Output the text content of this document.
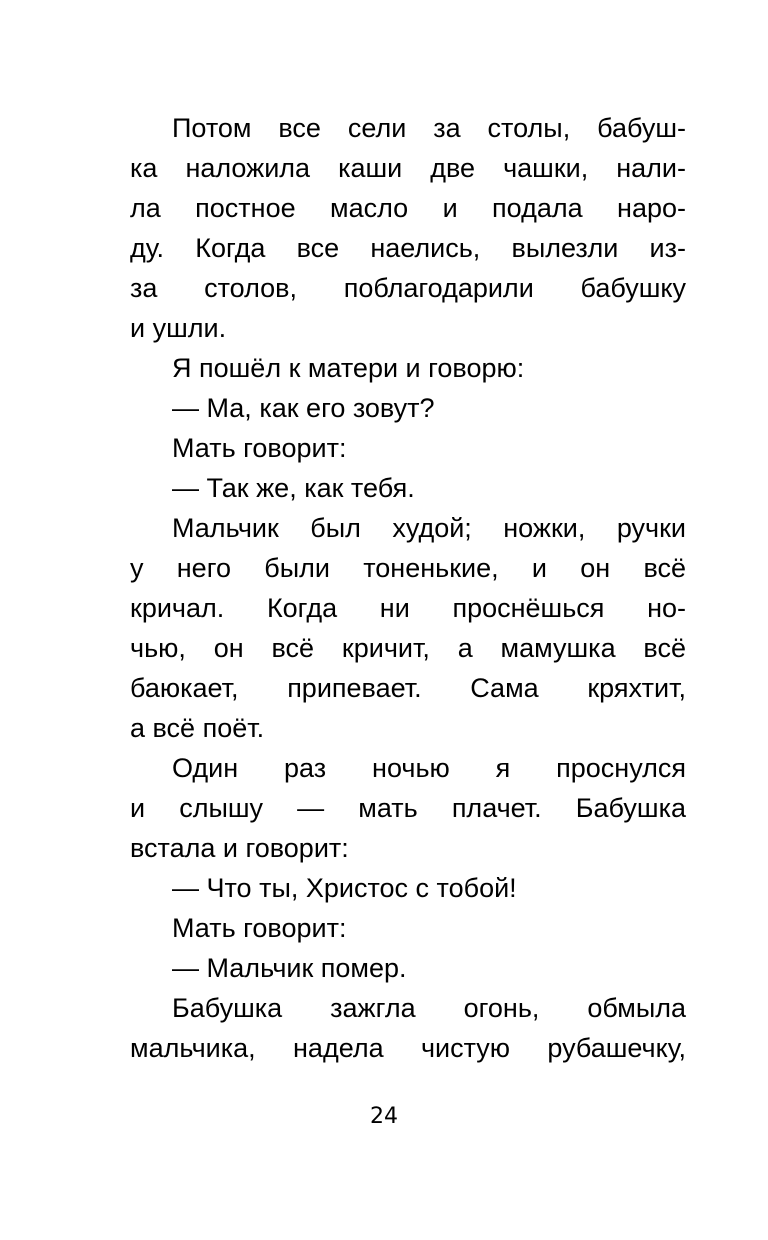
Потом все сели за столы, бабуш-
ка наложила каши две чашки, нали-
ла постное масло и подала наро-
ду. Когда все наелись, вылезли из-
за столов, поблагодарили бабушку
и ушли.
Я пошёл к матери и говорю:
— Ма, как его зовут?
Мать говорит:
— Так же, как тебя.
Мальчик был худой; ножки, ручки
у него были тоненькие, и он всё
кричал. Когда ни проснёшься но-
чью, он всё кричит, а мамушка всё
баюкает, припевает. Сама кряхтит,
а всё поёт.
Один раз ночью я проснулся
и слышу — мать плачет. Бабушка
встала и говорит:
— Что ты, Христос с тобой!
Мать говорит:
— Мальчик помер.
Бабушка зажгла огонь, обмыла
мальчика, надела чистую рубашечку,
24
